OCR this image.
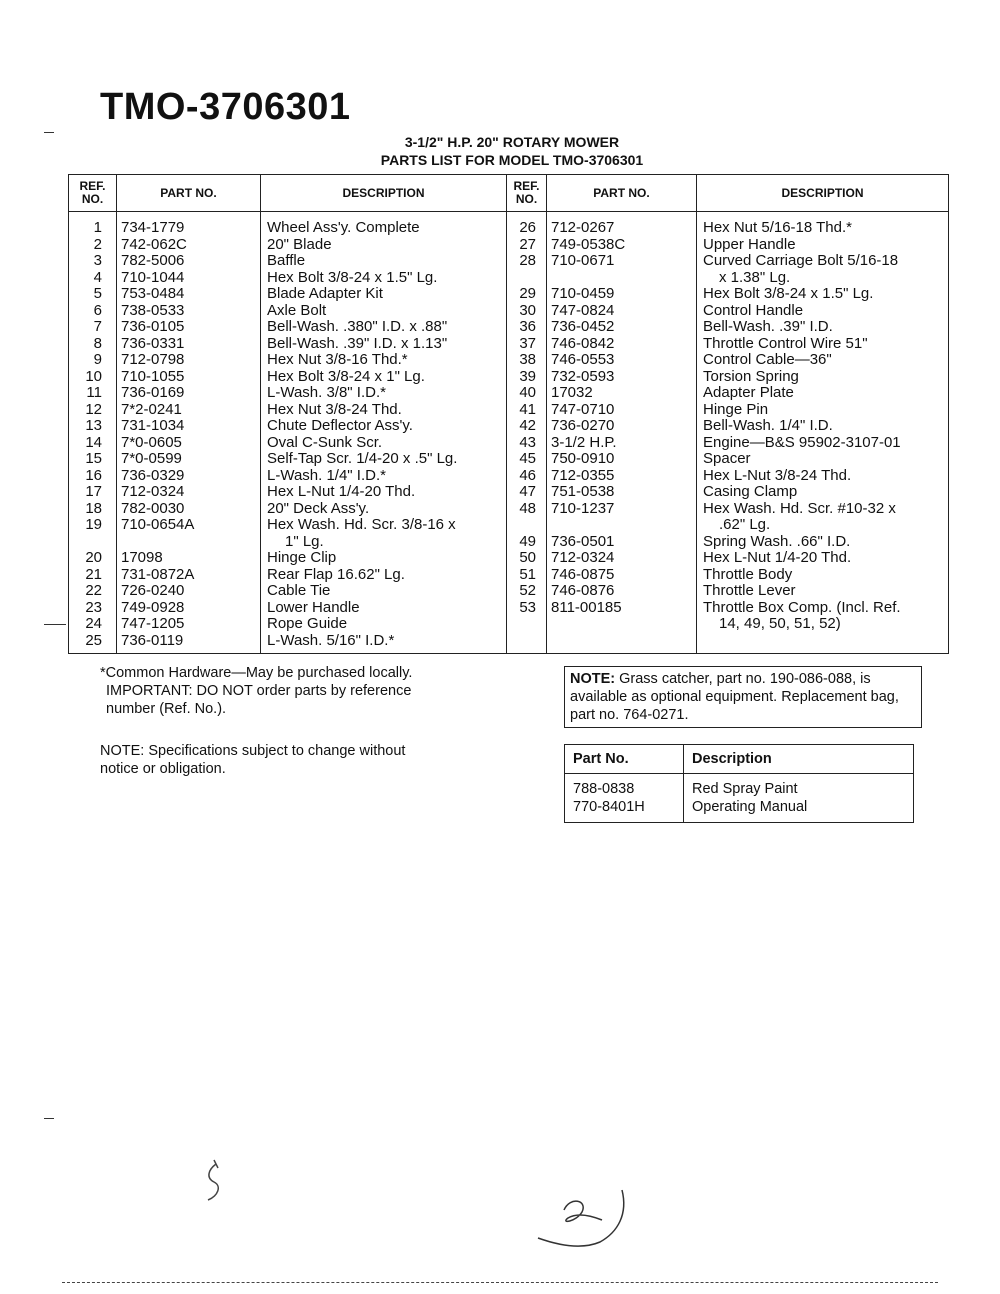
TMO-3706301
3-1/2" H.P. 20" ROTARY MOWER
PARTS LIST FOR MODEL TMO-3706301
REF. NO.	PART NO.	DESCRIPTION	REF. NO.	PART NO.	DESCRIPTION
1	734-1779	Wheel Ass'y. Complete	26	712-0267	Hex Nut 5/16-18 Thd.*
2	742-062C	20" Blade	27	749-0538C	Upper Handle
3	782-5006	Baffle	28	710-0671	Curved Carriage Bolt 5/16-18
4	710-1044	Hex Bolt 3/8-24 x 1.5" Lg.			x 1.38" Lg.
5	753-0484	Blade Adapter Kit	29	710-0459	Hex Bolt 3/8-24 x 1.5" Lg.
6	738-0533	Axle Bolt	30	747-0824	Control Handle
7	736-0105	Bell-Wash. .380" I.D. x .88"	36	736-0452	Bell-Wash. .39" I.D.
8	736-0331	Bell-Wash. .39" I.D. x 1.13"	37	746-0842	Throttle Control Wire 51"
9	712-0798	Hex Nut 3/8-16 Thd.*	38	746-0553	Control Cable—36"
10	710-1055	Hex Bolt 3/8-24 x 1" Lg.	39	732-0593	Torsion Spring
11	736-0169	L-Wash. 3/8" I.D.*	40	17032	Adapter Plate
12	7*2-0241	Hex Nut 3/8-24 Thd.	41	747-0710	Hinge Pin
13	731-1034	Chute Deflector Ass'y.	42	736-0270	Bell-Wash. 1/4" I.D.
14	7*0-0605	Oval C-Sunk Scr.	43	3-1/2 H.P.	Engine—B&S 95902-3107-01
15	7*0-0599	Self-Tap Scr. 1/4-20 x .5" Lg.	45	750-0910	Spacer
16	736-0329	L-Wash. 1/4" I.D.*	46	712-0355	Hex L-Nut 3/8-24 Thd.
17	712-0324	Hex L-Nut 1/4-20 Thd.	47	751-0538	Casing Clamp
18	782-0030	20" Deck Ass'y.	48	710-1237	Hex Wash. Hd. Scr. #10-32 x
19	710-0654A	Hex Wash. Hd. Scr. 3/8-16 x			.62" Lg.
		1" Lg.	49	736-0501	Spring Wash. .66" I.D.
20	17098	Hinge Clip	50	712-0324	Hex L-Nut 1/4-20 Thd.
21	731-0872A	Rear Flap 16.62" Lg.	51	746-0875	Throttle Body
22	726-0240	Cable Tie	52	746-0876	Throttle Lever
23	749-0928	Lower Handle	53	811-00185	Throttle Box Comp. (Incl. Ref.
24	747-1205	Rope Guide			14, 49, 50, 51, 52)
25	736-0119	L-Wash. 5/16" I.D.*			
*Common Hardware—May be purchased locally.
IMPORTANT: DO NOT order parts by reference
number (Ref. No.).
NOTE: Specifications subject to change without
notice or obligation.
NOTE: Grass catcher, part no. 190-086-088, is available as optional equipment. Replacement bag, part no. 764-0271.
Part No.	Description
788-0838	Red Spray Paint
770-8401H	Operating Manual
